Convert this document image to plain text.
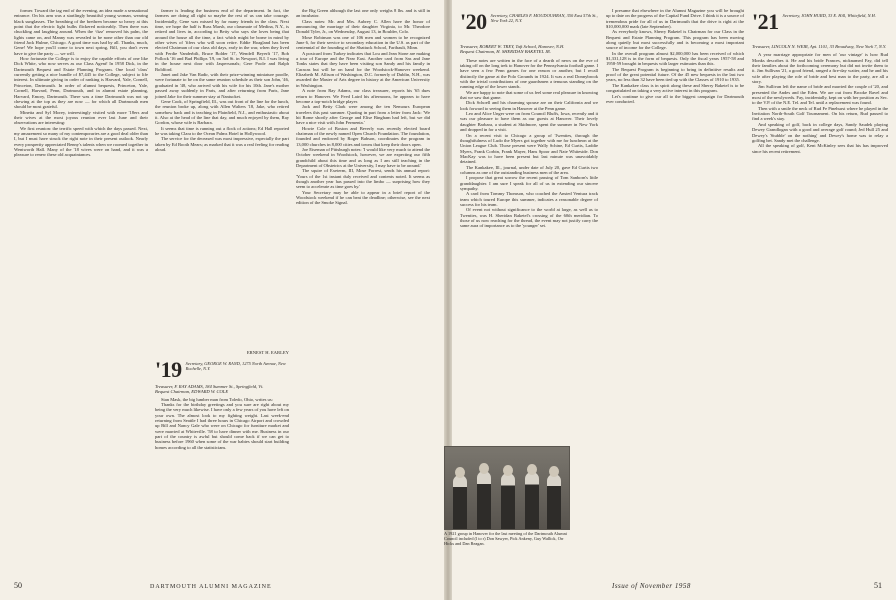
former. Toward the tag end of the evening, an idea made a sensational entrance. On his arm was a startlingly beautiful young woman, wearing black sunglasses. The breathing of the brethren became so heavy at this point that the electric light bulbs flickered noticeably. Then there was chuckling and laughing around. When the ‘fizz’ removed his palm, the lights came on, and Manny was revealed to be none other than our old friend Jack Hulme, Chicago. A good time was had by all. Thanks, much, Gene! We hope you'll come to town next spring, Bill, you don't even have to give the party — we will.

How fortunate the College is to enjoy the capable efforts of one like Dick White, who now serves as our Class Agent! In 1958 Dick, in the Dartmouth Bequest and Estate Planning Program. One local 'class' currently getting a nice bundle of $7,445 to the College, subject to life interest. In ultimate giving in order of ranking is Harvard, Yale, Cornell, Princeton, Dartmouth. In order of alumni bequests, Princeton, Yale, Cornell, Harvard, Penn, Dartmouth, and in alumni estate planning, Harvard, Emory, Dartmouth. There was a time Dartmouth was not up chewing at the top as they are now — for which all Dartmouth men should be most grateful.

Minetta and Syl Morey, interestingly visited with more '18ers and their wives at the most joyous reunion ever last June and their observations are interesting:

We first reunion: the terrific speed with which the days passed. Next, my amazement so many of my contemporaries are a good deal older than I, but I must have struck the right note in their present outlook. Nearly every prosperity appreciated Benny's talents when we roomed together in Wentworth Hall. Many of the '18 wives were on hand, and it was a pleasure to renew these old acquaintances.

farmer is leading the business end of the department. In fact, the farmers are doing all right so maybe the rest of us can take courage. Incidentally, Gene was missed by far many friends in the class. Next time, we hope the half is Russ Marsh, our classmate of Medina, N.Y., is retired and lives in, according to Betty who says she loves being that around the house all the time, a fact which might be borne in mind by other wives of 'fifers who will soon retire. Eddie Hoagland has been elected Chairman of our class old days, early in the war, when they lived with Ferdie Vanderbilt, Bruce Bolder '17, Wendell Beyerlt '17, Bob Pollock '16 and Bud Phillips '19, on 3rd St. in Newport, R.I. I was living in the house next door with Jaspersonals; Gere Poole and Ralph Boldford.

Janet and Jake Van Radir, with their prize-winning miniature poodle, were fortunate to be on the same reunion schedule as their son John, '46, graduated in '48, who arrived with his wife for his 10th. Jane's mother passed away suddenly in Paris, and after returning from Paris, Jane joined Jake for their summer stay at Nantucket.

Gene Cook, of Springfield, Ill., was out front of the line for the lunch, the reunion broke up, along with Allen Walters '18, Jake, who retired somehow back and is teaching in Plainfield, N.J., and enthusiastic about it. Also at the head of the line that day, and much enjoyed by them, Ray Gordon, whose wife is Barbara.

It seems that time is running out a flock of actions; Ed Hall reported he was taking Clara to the Ocean Palms Hotel in Hollywood.

The service for the deceased was most impressive, especially the part taken by Ed Booth Mears; as marked that it was a real feeling for reading aloud.

ERNEST H. EARLEY
'19 Secretary, GEORGE W. RAND, 1275 North Avenue, New Rochelle, N.Y.
Treasurer, F. RAY ADAMS, 184 Summer St., Springfield, Vt.
Bequest Chairman, EDWARD W. COLE

Stan Mask, the big lumber man from Toledo, Ohio, writes us:

Thanks for the birthday greetings and you sure are right about my being the very much likewise. I have only a few years of you have left on your own. The almost look to my fighting weight. Last week-end returning from Seattle I had three hours in Chicago Airport and crowded up Bill and Nancy Gale who were on Chicago for furniture market and were married at Whiteville. '58 to have dinner with me. Business in our part of the country is awful but should come back if we can get to business before 1960 when some of the war babies should start building homes according to all the statisticians.

the Big Green although the last one only weighs 8 lbs. and is still in an incubator.

Class notes: Mr. and Mrs. Aubrey C. Allen have the honor of announcing the marriage of their daughter Virginia, to Mr. Theodore Donald Tyler, Jr., on Wednesday, August 13, in Boulder, Colo.

Mose Robinson was one of 106 men and women to be recognized June 6, for their service to secondary education in the U.S. as part of the centennial of the founding of the Shattuck School, Faribault, Minn.

A postcard from Turkey indicates that Lou and Jean Stone are making a tour of Europe and the Near East. Another card from Sas and Jane Tonks states that they have been visiting son Sandy and his family in Caracas but will be on hand for the Woodstock-Hanover weekend. Elizabeth M. Allison of Washington, D.C. formerly of Dublin, N.H., was awarded the Master of Arts degree in history at the American University in Washington.

A note from Ray Adams, our class treasurer, reports his '65 dues return to Hanover. We Feed Laird his afternoons, he appears to have become a top-notch bridge player.

Jack and Betty Clark were among the ten Nemours European travelers this past summer. Quoting in part from a letter from Jack: 'We hit Rome shortly after George and Elise Bingham had left, but we did have a nice visit with John Fermenta.'

Howie Cole of Boston and Beverly was recently elected board chairman of the newly named Open Church Foundation. The foundation, founded and endowed by Roger Babson, coordinates the program in 13,000 churches in 8,000 cities and towns that keep their doors open.

Joe Eiseman of Pittsburgh notes: 'I would like very much to attend the October weekend in Woodstock, however, we are expecting our fifth grandchild about this time and as long as I am still teaching in the Department of Obstetrics at the University, I may have to be around.'

The squire of Exeterm, III, Mose Forrest, sends his annual report: 'Yours of the 1st instant duly received and contents noted. It seems as though another year has passed into the limbo — surprising how they seem to accelerate as time goes by.'

Your Secretary may be able to appear in a brief report of the Woodstock weekend if he can beat the deadline; otherwise, see the next edition of the Smoke Signal.

50	DARTMOUTH ALUMNI MAGAZINE
'20 Secretary, CHARLES F. MOUDOUHRAN, 350 East 57th St., New York 22, N.Y.
Treasurer, ROBERT W. TREY, Taft School, Hanover, N.H.
Bequest Chairman, H. SHERIDAN BAKETEL JR.

These notes are written in the face of a dearth of news on the eve of taking off on the long trek to Hanover for the Pennsylvania football game. I have seen a few Penn games for one reason or another, but I recall distinctly the game at the Polo Grounds in 1924. It was a real Donnybrook with the trivial contributions of one guardsmen a tenuous standing on the running edge of the lower stands.

We are happy to note that some of us feel some real pleasure in knowing that we saw that game.

Dick Schoell and his charming spouse are on their California and we look forward to seeing them in Hanover at the Penn game.

Leo and Alice Unger were on from Council Bluffs, Iowa, recently and it was our pleasure to have them as our guests at Hanover. Their lovely daughter Barbara, a student at Skidmore, spent the summer in New York and dropped in for a visit.

On a recent visit to Chicago a group of Twenties, through the thoughtfulness of Ludo the Myers got together with me for luncheon at the Union League Club. Those present were Wally Schine, Ed Curtis, Laddie Myers, Frank Corbin, Frank Mayer, Hans Spoor and Nate Whiteside. Don MacKay was to have been present but last minute was unavoidably detained.

The Kankakee, Ill., journal, under date of July 20, gave Ed Curtis two columns as one of the outstanding business men of the area.

I propose that great sorrow the recent passing of Tom Sanborn's little granddaughter. I am sure I speak for all of us in extending our sincere sympathy.

A card from Tommy Thomson, who coached the Ansted Ventura track team which toured Europe this summer, indicates a reasonable degree of success for his team.

Of event not without significance to the world at large, as well as to Twenties, was H. Sheridan Baketel's crossing of the 60th meridian. To those of us now reaching for the thread, the event may not justify carry the same aura of importance as to the 'younger' set.

I presume that elsewhere in the Alumni Magazine you will be brought up to date on the progress of the Capital Fund Drive. I think it is a source of tremendous pride for all of us in Dartmouth that the drive is right at the $10,000,000 mark (late September).

As everybody knows, Sherry Baketel is Chairman for our Class in the Bequest and Estate Planning Program. This program has been moving along quietly but most successfully and is becoming a most important source of income for the College.

In the overall program almost $2,000,000 has been received of which $1,331,128 is in the form of bequests. Only the fiscal years 1957-58 and 1958-59 brought in bequests with larger estimates than this.

The Bequest Program is beginning to bring in definitive results and proof of the great potential future. Of the 45 new bequests in the last two years, no less than 32 have been tied up with the Classes of 1910 to 1935.

The Kankakee class is in spirit along these and Sherry Baketel is to be congratulated on taking a very active interest in this program.

Let's continue to give our all to the biggest campaign for Dartmouth ever conducted.

'21 Secretary, JOHN HURD, 33 E. Hill, Whitefield, N.H.
Treasurer, LINCOLN N. WEIR, Apt. 1101, 33 Broadway, New York 7, N.Y.

A year marriage appropriate for men of 'our vintage' is how Rud Monks describes it. He and his bride Frances, nicknamed Fay, did tell their families about the forthcoming ceremony but did not invite them to it. Jim Sullivan '21, a good friend, ranged a fire-day waiter, and he and his wife after playing the role of bride and best man to the party, are all a story.

Jim Sullivan left the name of bride and married the couple of '20, and presented the Andes and the Eden. We are out from Brooke Ravel and most of the newlyweds. Fay, incidentally, kept on with her position as Sec. to the V.P. of the N.E. Tel. and Tel. until a replacement was found.

Then with a smile the neck of Rud Fe Pinehurst where he played in the Invitation North-South Golf Tournament. On his return, Rud paused to find a week's stay.

And speaking of golf, back in college days, Sandy Saudek playing Dewey Grandlogan with a good and average golf round; Jed Hull 25 and Dewey's 'Stubble' on the nothing' and Dewey's home was to relay a golfing bet. Sandy met the challenge.

All the speaking of golf, Kent McKinley sees that his has improved since his recent retirement.

A 1921 group in Hanover for the last meeting of the Dartmouth Alumni Council included (l to r) Don Sawyer, Pick Ankeny, Guy Wallick, Orr Hicks and Dan Reagan.
Issue of November 1958	51
